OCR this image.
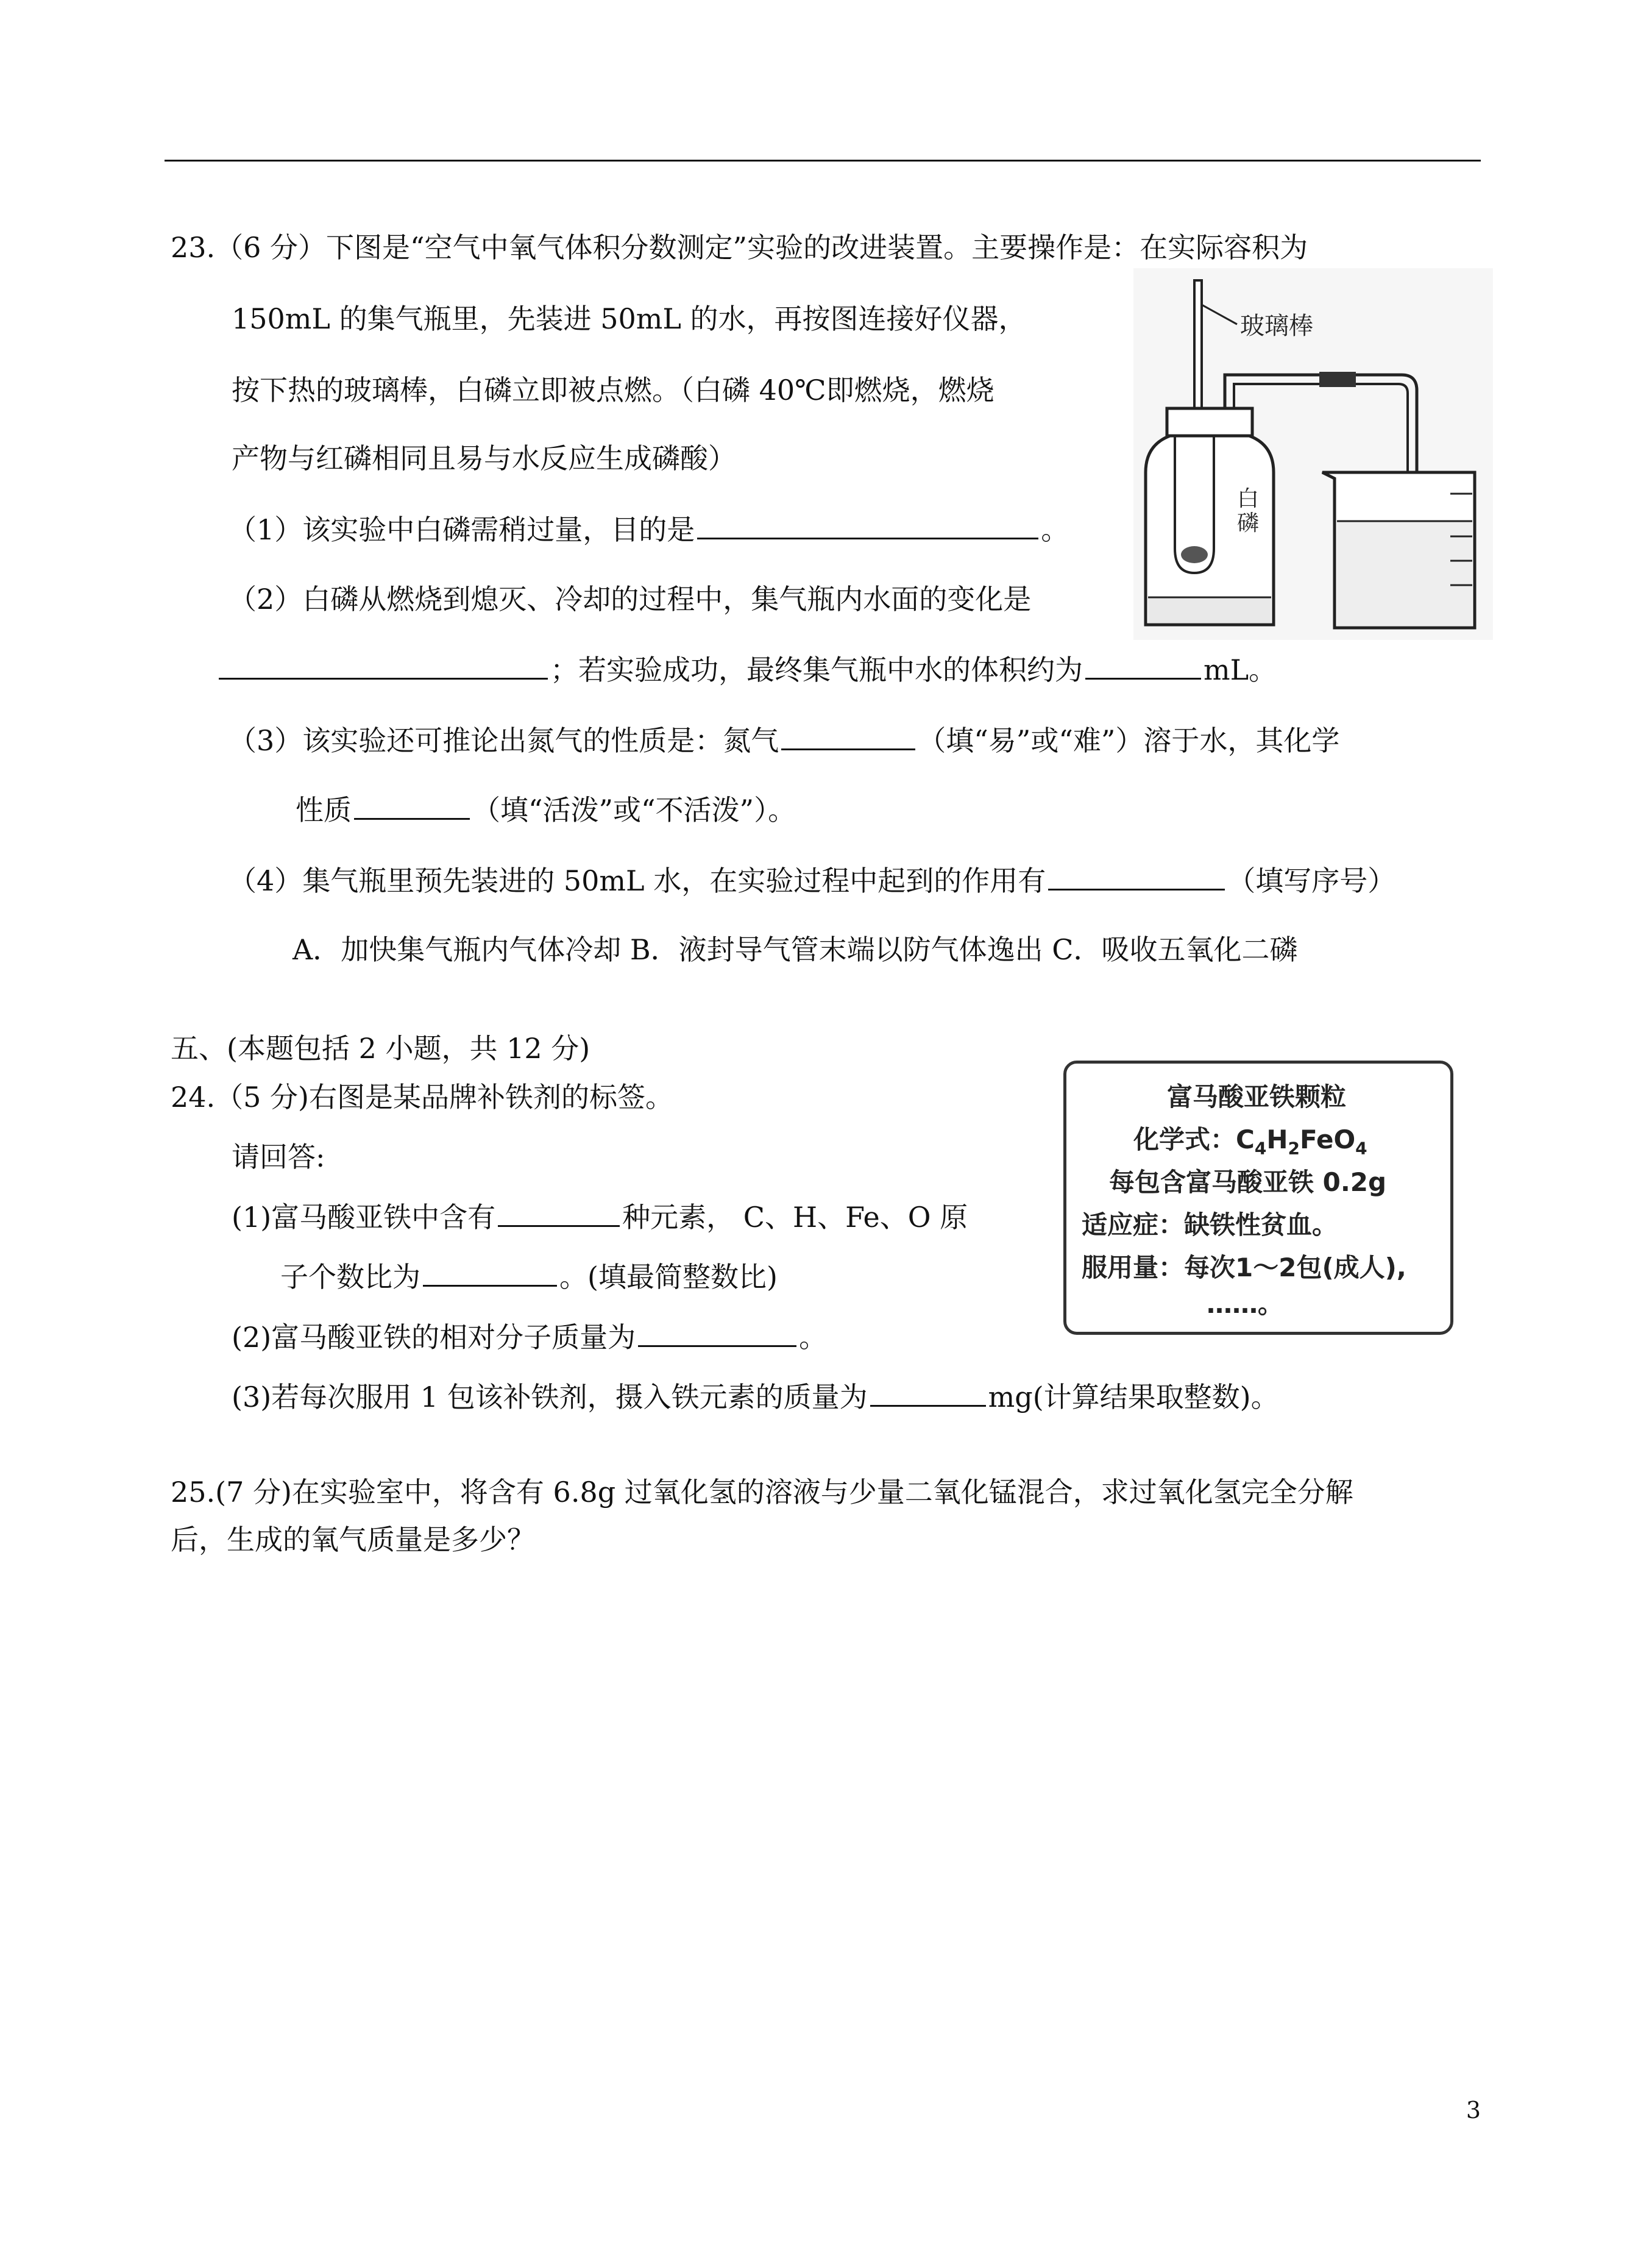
23.（6 分）下图是“空气中氧气体积分数测定”实验的改进装置。主要操作是：在实际容积为
150mL 的集气瓶里，先装进 50mL 的水，再按图连接好仪器，
按下热的玻璃棒，白磷立即被点燃。（白磷 40℃即燃烧，燃烧
产物与红磷相同且易与水反应生成磷酸）
（1）该实验中白磷需稍过量，目的是	。
（2）白磷从燃烧到熄灭、冷却的过程中，集气瓶内水面的变化是
；若实验成功，最终集气瓶中水的体积约为	mL。
（3）该实验还可推论出氮气的性质是：氮气	（填“易”或“难”）溶于水，其化学
性质	（填“活泼”或“不活泼”）。
（4）集气瓶里预先装进的 50mL 水，在实验过程中起到的作用有	（填写序号）
A．加快集气瓶内气体冷却 B．液封导气管末端以防气体逸出 C．吸收五氧化二磷
玻璃棒
白
磷
五、(本题包括 2 小题，共 12 分)
24.（5 分)右图是某品牌补铁剂的标签。
请回答:
(1)富马酸亚铁中含有	种元素， C、H、Fe、O 原
子个数比为	。(填最简整数比)
(2)富马酸亚铁的相对分子质量为	。
(3)若每次服用 1 包该补铁剂，摄入铁元素的质量为	mg(计算结果取整数)。
富马酸亚铁颗粒
化学式：$C_4H_2FeO_4$
每包含富马酸亚铁 0.2g
适应症：缺铁性贫血。
服用量：每次1～2包(成人),
……。
25.(7 分)在实验室中，将含有 6.8g 过氧化氢的溶液与少量二氧化锰混合，求过氧化氢完全分解
后，生成的氧气质量是多少？
3
